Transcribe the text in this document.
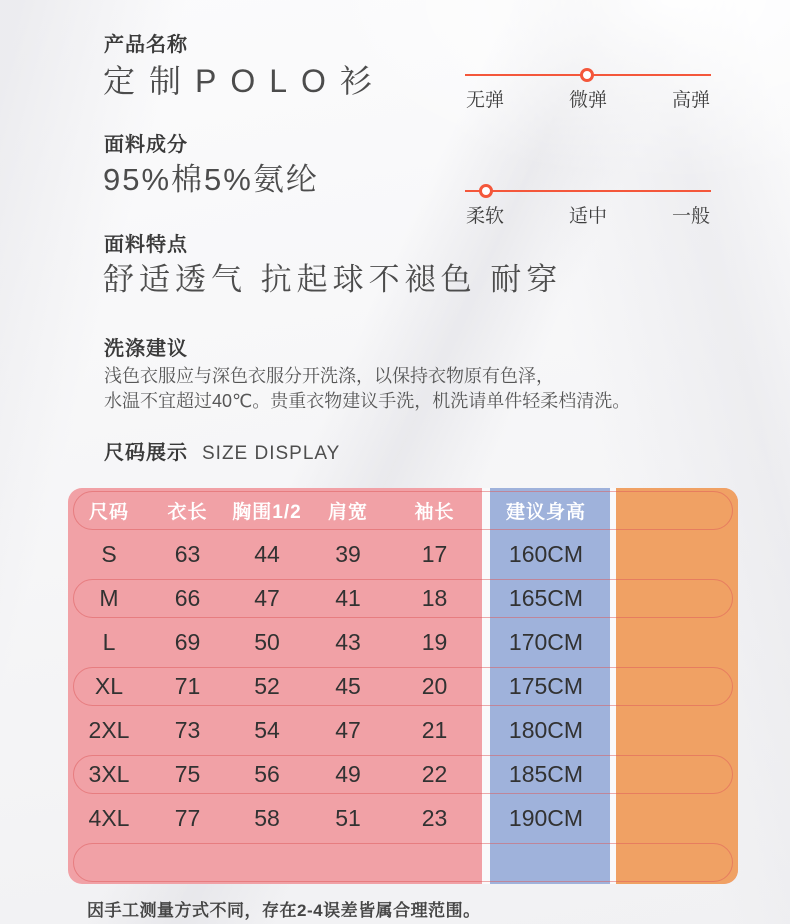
产品名称
定制POLO衫
无弹	微弹	高弹
面料成分
95%棉5%氨纶
柔软	适中	一般
面料特点
舒适透气 抗起球不褪色 耐穿
洗涤建议
浅色衣服应与深色衣服分开洗涤，以保持衣物原有色泽，
水温不宜超过40℃。贵重衣物建议手洗，机洗请单件轻柔档清洗。
尺码展示 SIZE DISPLAY
尺码	衣长	胸围1/2	肩宽	袖长	建议身高
S	63	44	39	17	160CM
M	66	47	41	18	165CM
L	69	50	43	19	170CM
XL	71	52	45	20	175CM
2XL	73	54	47	21	180CM
3XL	75	56	49	22	185CM
4XL	77	58	51	23	190CM
因手工测量方式不同，存在2-4误差皆属合理范围。
